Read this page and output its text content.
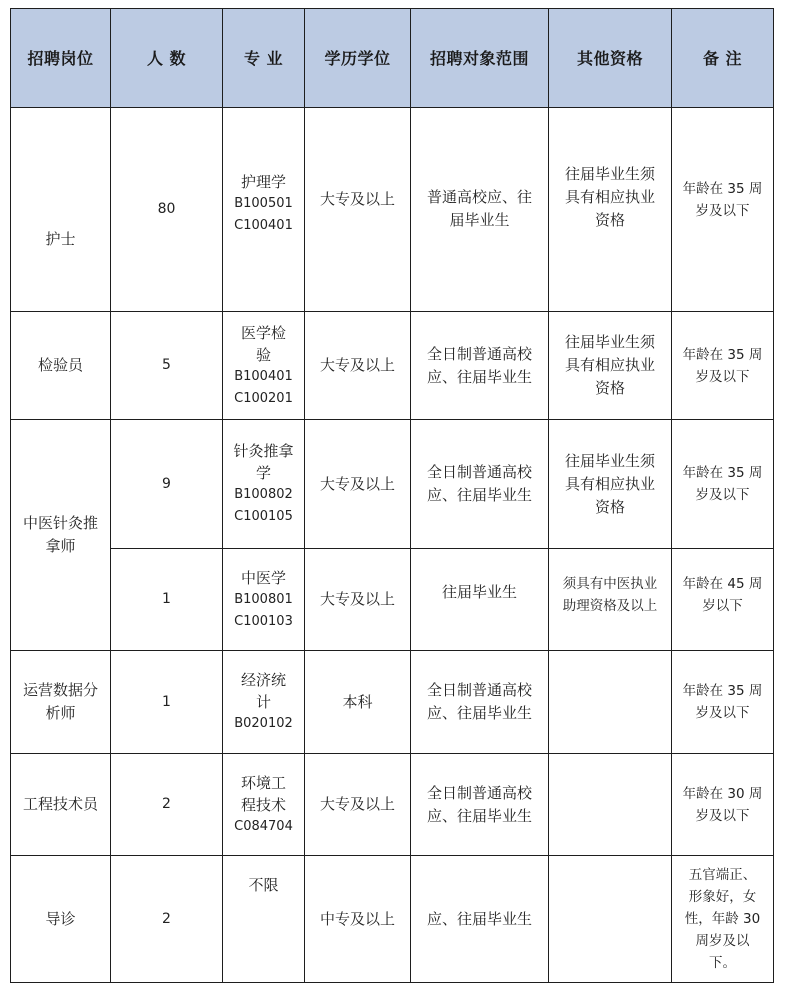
招聘岗位	人 数	专 业	学历学位	招聘对象范围	其他资格	备 注
护士	80	护理学
B100501
C100401	大专及以上	普通高校应、往
届毕业生	往届毕业生须
具有相应执业
资格	年龄在 35 周
岁及以下

检验员	5	医学检
验
B100401
C100201	大专及以上	全日制普通高校
应、往届毕业生	往届毕业生须
具有相应执业
资格	年龄在 35 周
岁及以下

中医针灸推
拿师	9	针灸推拿
学
B100802
C100105	大专及以上	全日制普通高校
应、往届毕业生	往届毕业生须
具有相应执业
资格	年龄在 35 周
岁及以下

	1	中医学
B100801
C100103	大专及以上	往届毕业生	须具有中医执业
助理资格及以上	年龄在 45 周
岁以下

运营数据分
析师	1	经济统
计
B020102	本科	全日制普通高校
应、往届毕业生		年龄在 35 周
岁及以下

工程技术员	2	环境工
程技术
C084704	大专及以上	全日制普通高校
应、往届毕业生		年龄在 30 周
岁及以下

导诊	2	不限	中专及以上	应、往届毕业生		五官端正、
形象好，女
性，年龄 30
周岁及以
下。
